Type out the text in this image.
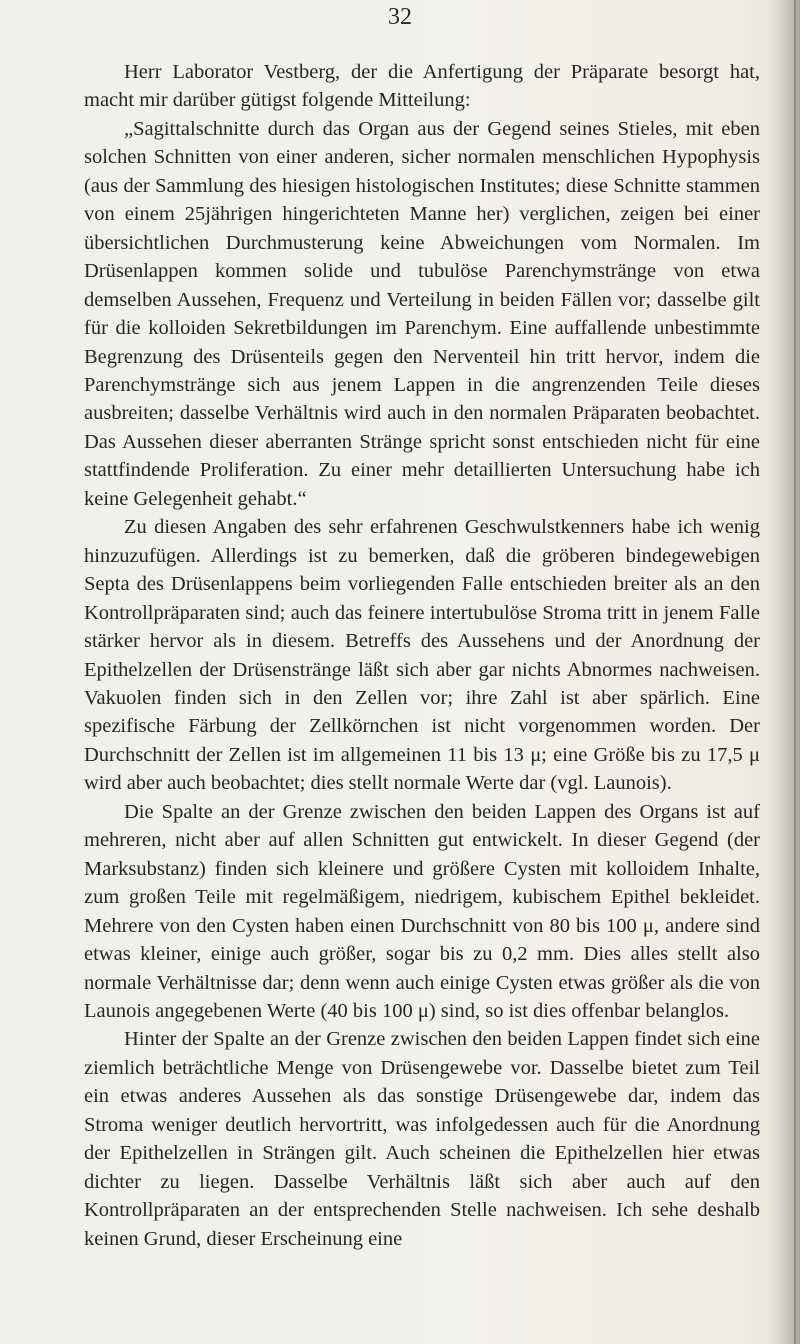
32

Herr Laborator Vestberg, der die Anfertigung der Präparate besorgt hat, macht mir darüber gütigst folgende Mitteilung:

„Sagittalschnitte durch das Organ aus der Gegend seines Stieles, mit eben solchen Schnitten von einer anderen, sicher normalen menschlichen Hypophysis (aus der Sammlung des hiesigen histologischen Institutes; diese Schnitte stammen von einem 25jährigen hingerichteten Manne her) verglichen, zeigen bei einer übersichtlichen Durchmusterung keine Abweichungen vom Normalen. Im Drüsenlappen kommen solide und tubulöse Parenchymstränge von etwa demselben Aussehen, Frequenz und Verteilung in beiden Fällen vor; dasselbe gilt für die kolloiden Sekretbildungen im Parenchym. Eine auffallende unbestimmte Begrenzung des Drüsenteils gegen den Nerventeil hin tritt hervor, indem die Parenchymstränge sich aus jenem Lappen in die angrenzenden Teile dieses ausbreiten; dasselbe Verhältnis wird auch in den normalen Präparaten beobachtet. Das Aussehen dieser aberranten Stränge spricht sonst entschieden nicht für eine stattfindende Proliferation. Zu einer mehr detaillierten Untersuchung habe ich keine Gelegenheit gehabt.“

Zu diesen Angaben des sehr erfahrenen Geschwulstkenners habe ich wenig hinzuzufügen. Allerdings ist zu bemerken, daß die gröberen bindegewebigen Septa des Drüsenlappens beim vorliegenden Falle entschieden breiter als an den Kontrollpräparaten sind; auch das feinere intertubulöse Stroma tritt in jenem Falle stärker hervor als in diesem. Betreffs des Aussehens und der Anordnung der Epithelzellen der Drüsenstränge läßt sich aber gar nichts Abnormes nachweisen. Vakuolen finden sich in den Zellen vor; ihre Zahl ist aber spärlich. Eine spezifische Färbung der Zellkörnchen ist nicht vorgenommen worden. Der Durchschnitt der Zellen ist im allgemeinen 11 bis 13 μ; eine Größe bis zu 17,5 μ wird aber auch beobachtet; dies stellt normale Werte dar (vgl. Launois).

Die Spalte an der Grenze zwischen den beiden Lappen des Organs ist auf mehreren, nicht aber auf allen Schnitten gut entwickelt. In dieser Gegend (der Marksubstanz) finden sich kleinere und größere Cysten mit kolloidem Inhalte, zum großen Teile mit regelmäßigem, niedrigem, kubischem Epithel bekleidet. Mehrere von den Cysten haben einen Durchschnitt von 80 bis 100 μ, andere sind etwas kleiner, einige auch größer, sogar bis zu 0,2 mm. Dies alles stellt also normale Verhältnisse dar; denn wenn auch einige Cysten etwas größer als die von Launois angegebenen Werte (40 bis 100 μ) sind, so ist dies offenbar belanglos.

Hinter der Spalte an der Grenze zwischen den beiden Lappen findet sich eine ziemlich beträchtliche Menge von Drüsengewebe vor. Dasselbe bietet zum Teil ein etwas anderes Aussehen als das sonstige Drüsengewebe dar, indem das Stroma weniger deutlich hervortritt, was infolgedessen auch für die Anordnung der Epithelzellen in Strängen gilt. Auch scheinen die Epithelzellen hier etwas dichter zu liegen. Dasselbe Verhältnis läßt sich aber auch auf den Kontrollpräparaten an der entsprechenden Stelle nachweisen. Ich sehe deshalb keinen Grund, dieser Erscheinung eine
